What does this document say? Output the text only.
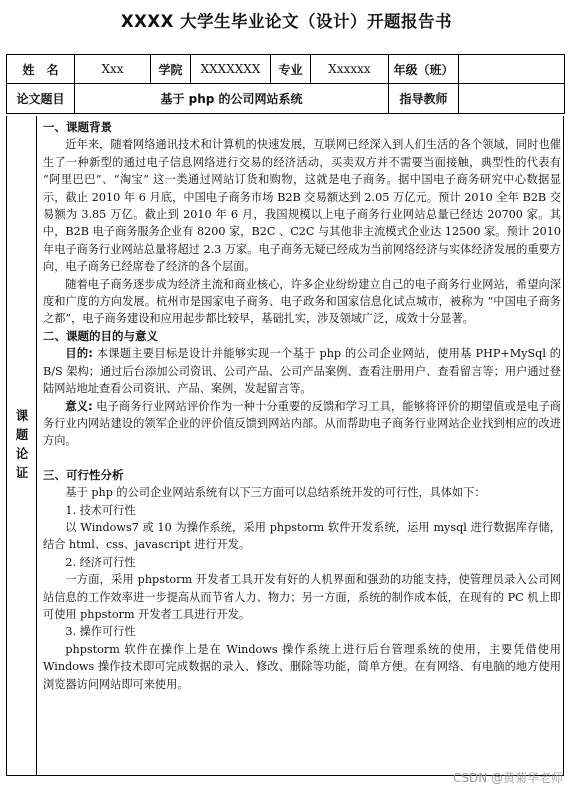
XXXX 大学生毕业论文（设计）开题报告书
姓　名	Xxx	学院	XXXXXXX	专业	Xxxxxx	年级（班）	
论文题目	基于 php 的公司网站系统					指导教师	
课
题
论
证

一、课题背景

近年来，随着网络通讯技术和计算机的快速发展，互联网已经深入到人们生活的各个领域，同时也催生了一种新型的通过电子信息网络进行交易的经济活动，买卖双方并不需要当面接触，典型性的代表有 “阿里巴巴”、“淘宝” 这一类通过网站订货和购物，这就是电子商务。据中国电子商务研究中心数据显示，截止 2010 年 6 月底，中国电子商务市场 B2B 交易额达到 2.05 万亿元。预计 2010 全年 B2B 交易额为 3.85 万亿。截止到 2010 年 6 月，我国规模以上电子商务行业网站总量已经达 20700 家。其中，B2B 电子商务服务企业有 8200 家，B2C 、C2C 与其他非主流模式企业达 12500 家。预计 2010 年电子商务行业网站总量将超过 2.3 万家。电子商务无疑已经成为当前网络经济与实体经济发展的重要方向，电子商务已经席卷了经济的各个层面。

随着电子商务逐步成为经济主流和商业核心，许多企业纷纷建立自己的电子商务行业网站，希望向深度和广度的方向发展。杭州市是国家电子商务、电子政务和国家信息化试点城市，被称为 “中国电子商务之都”，电子商务建设和应用起步都比较早，基础扎实，涉及领域广泛，成效十分显著。

二、课题的目的与意义

目的: 本课题主要目标是设计并能够实现一个基于 php 的公司企业网站，使用基 PHP+MySql 的 B/S 架构；通过后台添加公司资讯、公司产品、公司产品案例、查看注册用户、查看留言等；用户通过登陆网站地址查看公司资讯、产品、案例，发起留言等。

意义: 电子商务行业网站评价作为一种十分重要的反馈和学习工具，能够将评价的期望值或是电子商务行业内网站建设的领军企业的评价值反馈到网站内部。从而帮助电子商务行业网站企业找到相应的改进方向。

三、可行性分析

基于 php 的公司企业网站系统有以下三方面可以总结系统开发的可行性，具体如下：

1. 技术可行性

以 Windows7 或 10 为操作系统，采用 phpstorm 软件开发系统，运用 mysql 进行数据库存储，结合 html、css、javascript 进行开发。

2. 经济可行性

一方面，采用 phpstorm 开发者工具开发有好的人机界面和强劲的功能支持，使管理员录入公司网站信息的工作效率进一步提高从而节省人力、物力；另一方面，系统的制作成本低，在现有的 PC 机上即可使用 phpstorm 开发者工具进行开发。

3. 操作可行性

phpstorm 软件在操作上是在 Windows 操作系统上进行后台管理系统的使用，主要凭借使用 Windows 操作技术即可完成数据的录入、修改、删除等功能，简单方便。在有网络、有电脑的地方使用浏览器访问网站即可来使用。

CSDN @黄菊华老师
